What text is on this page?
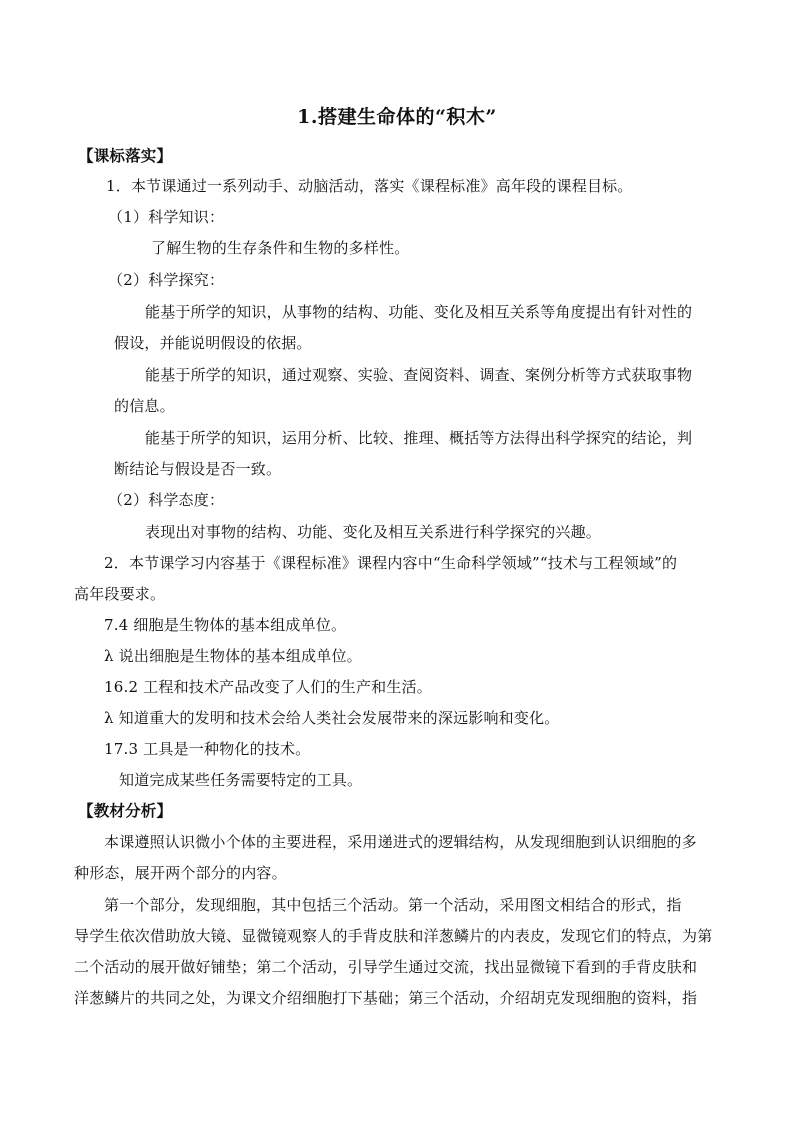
1.搭建生命体的“积木”
【课标落实】
1．本节课通过一系列动手、动脑活动，落实《课程标准》高年段的课程目标。
（1）科学知识：
了解生物的生存条件和生物的多样性。
（2）科学探究：
能基于所学的知识，从事物的结构、功能、变化及相互关系等角度提出有针对性的
假设，并能说明假设的依据。
能基于所学的知识，通过观察、实验、查阅资料、调查、案例分析等方式获取事物
的信息。
能基于所学的知识，运用分析、比较、推理、概括等方法得出科学探究的结论，判
断结论与假设是否一致。
（2）科学态度：
表现出对事物的结构、功能、变化及相互关系进行科学探究的兴趣。
2．本节课学习内容基于《课程标准》课程内容中“生命科学领域”“技术与工程领域”的
高年段要求。
7.4 细胞是生物体的基本组成单位。
λ 说出细胞是生物体的基本组成单位。
16.2 工程和技术产品改变了人们的生产和生活。
λ 知道重大的发明和技术会给人类社会发展带来的深远影响和变化。
17.3 工具是一种物化的技术。
知道完成某些任务需要特定的工具。
【教材分析】
本课遵照认识微小个体的主要进程，采用递进式的逻辑结构，从发现细胞到认识细胞的多
种形态，展开两个部分的内容。
第一个部分，发现细胞，其中包括三个活动。第一个活动，采用图文相结合的形式，指
导学生依次借助放大镜、显微镜观察人的手背皮肤和洋葱鳞片的内表皮，发现它们的特点，为第
二个活动的展开做好铺垫；第二个活动，引导学生通过交流，找出显微镜下看到的手背皮肤和
洋葱鳞片的共同之处，为课文介绍细胞打下基础；第三个活动，介绍胡克发现细胞的资料，指
